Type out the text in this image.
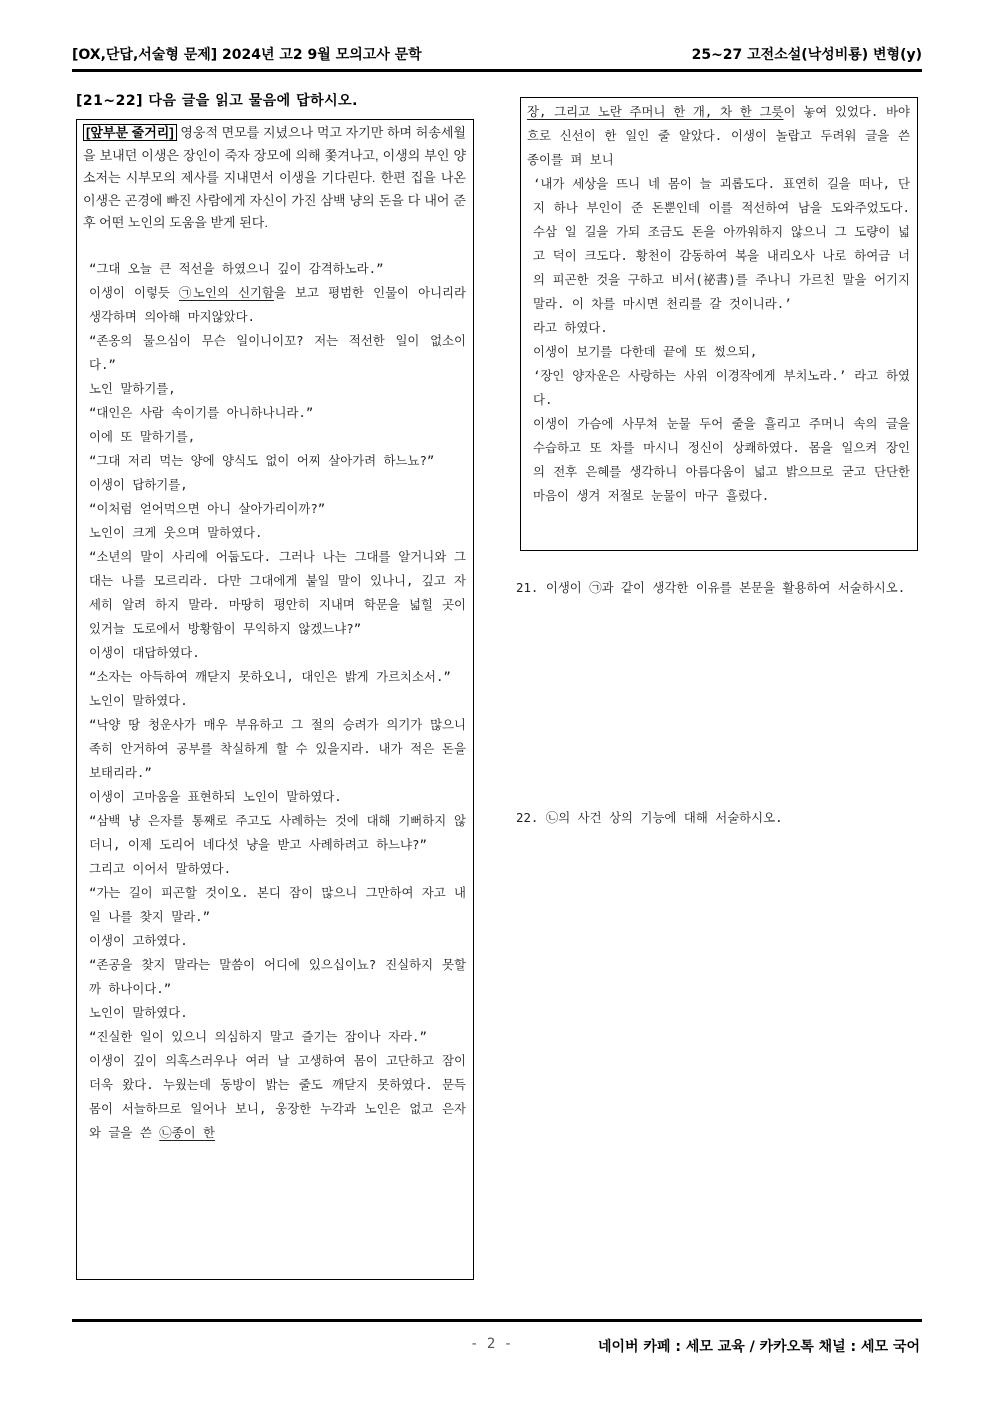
[OX,단답,서술형 문제] 2024년 고2 9월 모의고사 문학	25~27 고전소설(낙성비룡) 변형(y)
[21~22] 다음 글을 읽고 물음에 답하시오.

[앞부분 줄거리] 영웅적 면모를 지녔으나 먹고 자기만 하며 허송세월을 보내던 이생은 장인이 죽자 장모에 의해 쫓겨나고, 이생의 부인 양 소저는 시부모의 제사를 지내면서 이생을 기다린다. 한편 집을 나온 이생은 곤경에 빠진 사람에게 자신이 가진 삼백 냥의 돈을 다 내어 준 후 어떤 노인의 도움을 받게 된다.

“그대 오늘 큰 적선을 하였으니 깊이 감격하노라.”

이생이 이렇듯 ㉠노인의 신기함을 보고 평범한 인물이 아니리라 생각하며 의아해 마지않았다.

“존옹의 물으심이 무슨 일이니이꼬? 저는 적선한 일이 없소이다.”

노인 말하기를,

“대인은 사람 속이기를 아니하나니라.”

이에 또 말하기를,

“그대 저리 먹는 양에 양식도 없이 어찌 살아가려 하느뇨?”

이생이 답하기를,

“이처럼 얻어먹으면 아니 살아가리이까?”

노인이 크게 웃으며 말하였다.

“소년의 말이 사리에 어둡도다. 그러나 나는 그대를 알거니와 그대는 나를 모르리라. 다만 그대에게 붙일 말이 있나니, 깊고 자세히 알려 하지 말라. 마땅히 평안히 지내며 학문을 넓힐 곳이 있거늘 도로에서 방황함이 무익하지 않겠느냐?”

이생이 대답하였다.

“소자는 아득하여 깨닫지 못하오니, 대인은 밝게 가르치소서.”

노인이 말하였다.

“낙양 땅 청운사가 매우 부유하고 그 절의 승려가 의기가 많으니 족히 안거하여 공부를 착실하게 할 수 있을지라. 내가 적은 돈을 보태리라.”

이생이 고마움을 표현하되 노인이 말하였다.

“삼백 냥 은자를 통째로 주고도 사례하는 것에 대해 기뻐하지 않더니, 이제 도리어 네다섯 냥을 받고 사례하려고 하느냐?”

그리고 이어서 말하였다.

“가는 길이 피곤할 것이오. 본디 잠이 많으니 그만하여 자고 내일 나를 찾지 말라.”

이생이 고하였다.

“존공을 찾지 말라는 말씀이 어디에 있으십이뇨? 진실하지 못할까 하나이다.”

노인이 말하였다.

“진실한 일이 있으니 의심하지 말고 즐기는 잠이나 자라.”

이생이 깊이 의혹스러우나 여러 날 고생하여 몸이 고단하고 잠이 더욱 왔다. 누웠는데 동방이 밝는 줄도 깨닫지 못하였다. 문득 몸이 서늘하므로 일어나 보니, 웅장한 누각과 노인은 없고 은자와 글을 쓴 ㉡종이 한

장, 그리고 노란 주머니 한 개, 차 한 그릇이 놓여 있었다. 바야흐로 신선이 한 일인 줄 알았다. 이생이 놀랍고 두려워 글을 쓴 종이를 펴 보니

‘내가 세상을 뜨니 네 몸이 늘 괴롭도다. 표연히 길을 떠나, 단지 하나 부인이 준 돈뿐인데 이를 적선하여 남을 도와주었도다. 수삼 일 길을 가되 조금도 돈을 아까워하지 않으니 그 도량이 넓고 덕이 크도다. 황천이 감동하여 복을 내리오사 나로 하여금 너의 피곤한 것을 구하고 비서(祕書)를 주나니 가르친 말을 어기지 말라. 이 차를 마시면 천리를 갈 것이니라.’

라고 하였다.

이생이 보기를 다한데 끝에 또 썼으되,

‘장인 양자운은 사랑하는 사위 이경작에게 부치노라.’ 라고 하였다.

이생이 가슴에 사무쳐 눈물 두어 줄을 흘리고 주머니 속의 글을 수습하고 또 차를 마시니 정신이 상쾌하였다. 몸을 일으켜 장인의 전후 은혜를 생각하니 아름다움이 넓고 밝으므로 굳고 단단한 마음이 생겨 저절로 눈물이 마구 흘렀다.

21. 이생이 ㉠과 같이 생각한 이유를 본문을 활용하여 서술하시오.
22. ㉡의 사건 상의 기능에 대해 서술하시오.
- 2 -	네이버 카페 : 세모 교육 / 카카오톡 채널 : 세모 국어
